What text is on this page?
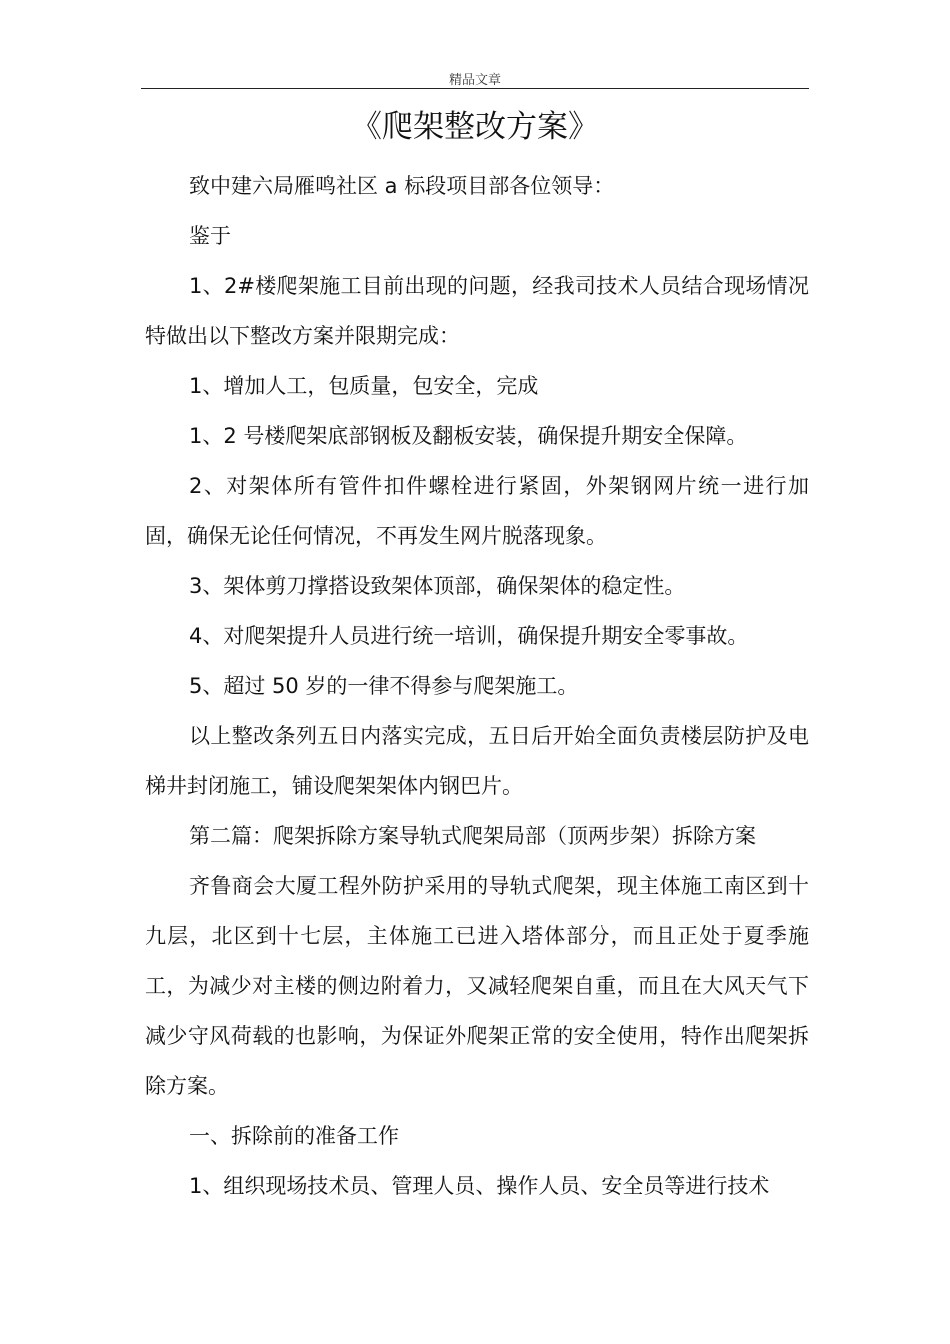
精品文章
《爬架整改方案》

致中建六局雁鸣社区 a 标段项目部各位领导：

鉴于

1、2#楼爬架施工目前出现的问题，经我司技术人员结合现场情况特做出以下整改方案并限期完成：

1、增加人工，包质量，包安全，完成

1、2 号楼爬架底部钢板及翻板安装，确保提升期安全保障。

2、对架体所有管件扣件螺栓进行紧固，外架钢网片统一进行加固，确保无论任何情况，不再发生网片脱落现象。

3、架体剪刀撑搭设致架体顶部，确保架体的稳定性。

4、对爬架提升人员进行统一培训，确保提升期安全零事故。

5、超过 50 岁的一律不得参与爬架施工。

以上整改条列五日内落实完成，五日后开始全面负责楼层防护及电梯井封闭施工，铺设爬架架体内钢巴片。

第二篇：爬架拆除方案导轨式爬架局部（顶两步架）拆除方案

齐鲁商会大厦工程外防护采用的导轨式爬架，现主体施工南区到十九层，北区到十七层，主体施工已进入塔体部分，而且正处于夏季施工，为减少对主楼的侧边附着力，又减轻爬架自重，而且在大风天气下减少守风荷载的也影响，为保证外爬架正常的安全使用，特作出爬架拆除方案。

一、拆除前的准备工作

1、组织现场技术员、管理人员、操作人员、安全员等进行技术
